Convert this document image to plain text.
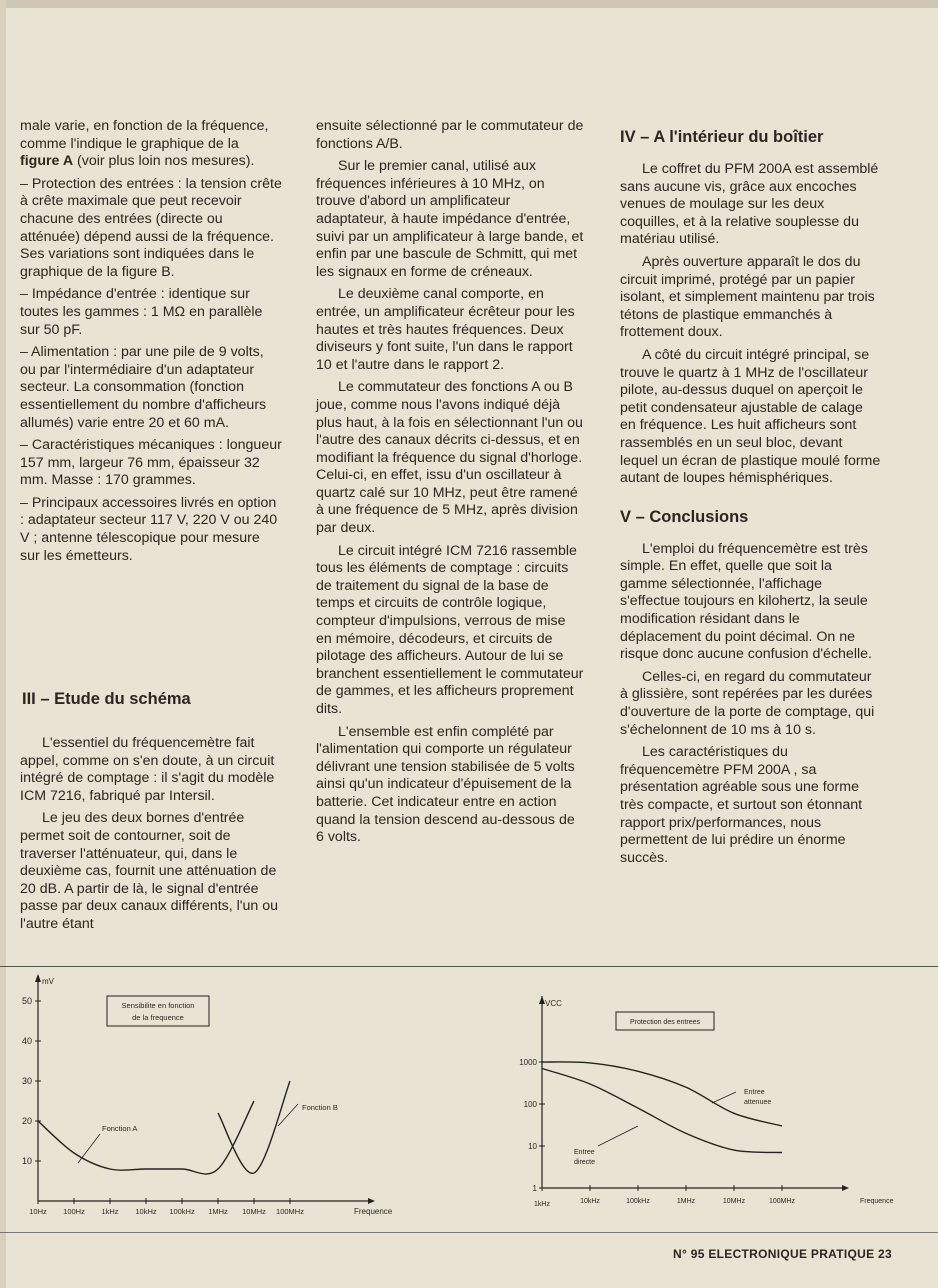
male varie, en fonction de la fréquence, comme l'indique le graphique de la figure A (voir plus loin nos mesures).

– Protection des entrées : la tension crête à crête maximale que peut recevoir chacune des entrées (directe ou atténuée) dépend aussi de la fréquence. Ses variations sont indiquées dans le graphique de la figure B.

– Impédance d'entrée : identique sur toutes les gammes : 1 MΩ en parallèle sur 50 pF.

– Alimentation : par une pile de 9 volts, ou par l'intermédiaire d'un adaptateur secteur. La consommation (fonction essentiellement du nombre d'afficheurs allumés) varie entre 20 et 60 mA.

– Caractéristiques mécaniques : longueur 157 mm, largeur 76 mm, épaisseur 32 mm. Masse : 170 grammes.

– Principaux accessoires livrés en option : adaptateur secteur 117 V, 220 V ou 240 V ; antenne télescopique pour mesure sur les émetteurs.

III – Etude du schéma

L'essentiel du fréquencemètre fait appel, comme on s'en doute, à un circuit intégré de comptage : il s'agit du modèle ICM 7216, fabriqué par Intersil.

Le jeu des deux bornes d'entrée permet soit de contourner, soit de traverser l'atténuateur, qui, dans le deuxième cas, fournit une atténuation de 20 dB. A partir de là, le signal d'entrée passe par deux canaux différents, l'un ou l'autre étant

ensuite sélectionné par le commutateur de fonctions A/B.

Sur le premier canal, utilisé aux fréquences inférieures à 10 MHz, on trouve d'abord un amplificateur adaptateur, à haute impédance d'entrée, suivi par un amplificateur à large bande, et enfin par une bascule de Schmitt, qui met les signaux en forme de créneaux.

Le deuxième canal comporte, en entrée, un amplificateur écrêteur pour les hautes et très hautes fréquences. Deux diviseurs y font suite, l'un dans le rapport 10 et l'autre dans le rapport 2.

Le commutateur des fonctions A ou B joue, comme nous l'avons indiqué déjà plus haut, à la fois en sélectionnant l'un ou l'autre des canaux décrits ci-dessus, et en modifiant la fréquence du signal d'horloge. Celui-ci, en effet, issu d'un oscillateur à quartz calé sur 10 MHz, peut être ramené à une fréquence de 5 MHz, après division par deux.

Le circuit intégré ICM 7216 rassemble tous les éléments de comptage : circuits de traitement du signal de la base de temps et circuits de contrôle logique, compteur d'impulsions, verrous de mise en mémoire, décodeurs, et circuits de pilotage des afficheurs. Autour de lui se branchent essentiellement le commutateur de gammes, et les afficheurs proprement dits.

L'ensemble est enfin complété par l'alimentation qui comporte un régulateur délivrant une tension stabilisée de 5 volts ainsi qu'un indicateur d'épuisement de la batterie. Cet indicateur entre en action quand la tension descend au-dessous de 6 volts.

IV – A l'intérieur du boîtier

Le coffret du PFM 200A est assemblé sans aucune vis, grâce aux encoches venues de moulage sur les deux coquilles, et à la relative souplesse du matériau utilisé.

Après ouverture apparaît le dos du circuit imprimé, protégé par un papier isolant, et simplement maintenu par trois tétons de plastique emmanchés à frottement doux.

A côté du circuit intégré principal, se trouve le quartz à 1 MHz de l'oscillateur pilote, au-dessus duquel on aperçoit le petit condensateur ajustable de calage en fréquence. Les huit afficheurs sont rassemblés en un seul bloc, devant lequel un écran de plastique moulé forme autant de loupes hémisphériques.

V – Conclusions

L'emploi du fréquencemètre est très simple. En effet, quelle que soit la gamme sélectionnée, l'affichage s'effectue toujours en kilohertz, la seule modification résidant dans le déplacement du point décimal. On ne risque donc aucune confusion d'échelle.

Celles-ci, en regard du commutateur à glissière, sont repérées par les durées d'ouverture de la porte de comptage, qui s'échelonnent de 10 ms à 10 s.

Les caractéristiques du fréquencemètre PFM 200A , sa présentation agréable sous une forme très compacte, et surtout son étonnant rapport prix/performances, nous permettent de lui prédire un énorme succès.

mV
Frequence
50
40
30
20
10
10Hz 100Hz 1kHz 10kHz 100kHz 1MHz 10MHz 100MHz
Sensibilite en fonction
de la frequence
Fonction A
Fonction B
VCC
Frequence
1000
100
10
1
1kHz	10kHz	100kHz	1MHz	10MHz	100MHz
Protection des entrees
Entree
attenuee
Entree
directe
N° 95 ELECTRONIQUE PRATIQUE 23
